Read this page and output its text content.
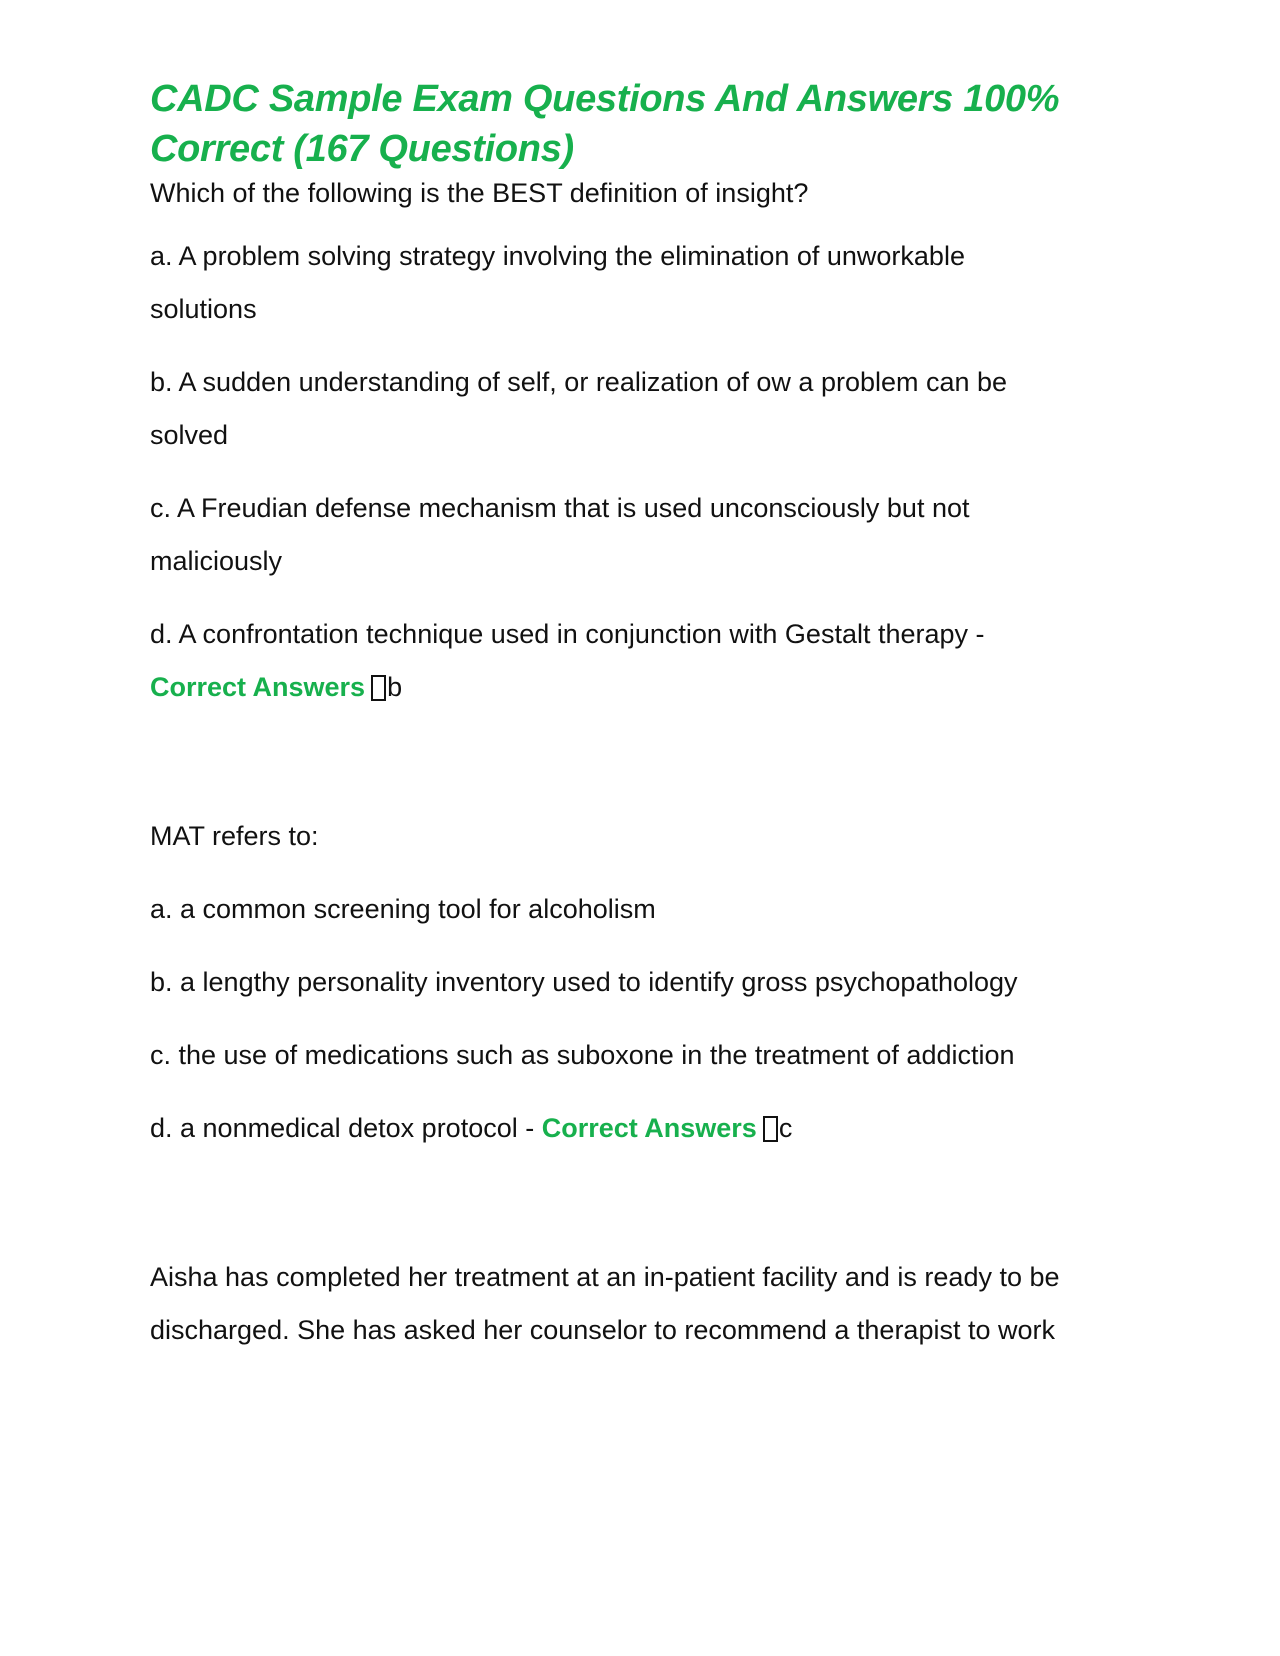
CADC Sample Exam Questions And Answers 100%
Correct (167 Questions)

Which of the following is the BEST definition of insight?

a. A problem solving strategy involving the elimination of unworkable

solutions

b. A sudden understanding of self, or realization of ow a problem can be

solved

c. A Freudian defense mechanism that is used unconsciously but not

maliciously

d. A confrontation technique used in conjunction with Gestalt therapy -

Correct Answers b

MAT refers to:

a. a common screening tool for alcoholism

b. a lengthy personality inventory used to identify gross psychopathology

c. the use of medications such as suboxone in the treatment of addiction

d. a nonmedical detox protocol - Correct Answers c

Aisha has completed her treatment at an in-patient facility and is ready to be

discharged. She has asked her counselor to recommend a therapist to work
